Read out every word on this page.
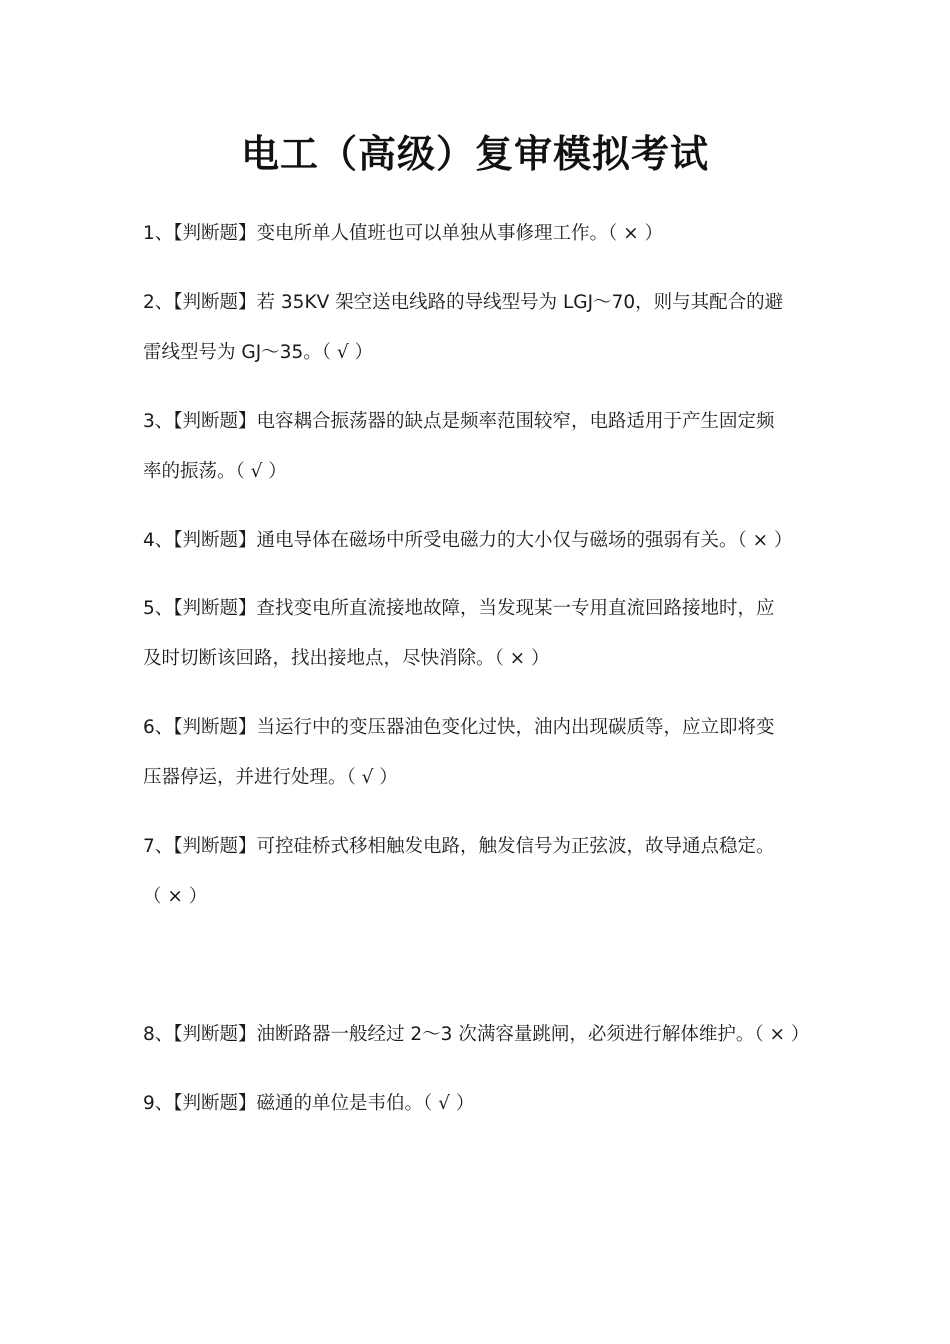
电工（高级）复审模拟考试
1、【判断题】变电所单人值班也可以单独从事修理工作。（ × ）
2、【判断题】若 35KV 架空送电线路的导线型号为 LGJ～70，则与其配合的避
雷线型号为 GJ～35。（ √ ）
3、【判断题】电容耦合振荡器的缺点是频率范围较窄，电路适用于产生固定频
率的振荡。（ √ ）
4、【判断题】通电导体在磁场中所受电磁力的大小仅与磁场的强弱有关。（ × ）
5、【判断题】查找变电所直流接地故障，当发现某一专用直流回路接地时，应
及时切断该回路，找出接地点，尽快消除。（ × ）
6、【判断题】当运行中的变压器油色变化过快，油内出现碳质等，应立即将变
压器停运，并进行处理。（ √ ）
7、【判断题】可控硅桥式移相触发电路，触发信号为正弦波，故导通点稳定。
（ × ）
8、【判断题】油断路器一般经过 2～3 次满容量跳闸，必须进行解体维护。（ × ）
9、【判断题】磁通的单位是韦伯。（ √ ）
